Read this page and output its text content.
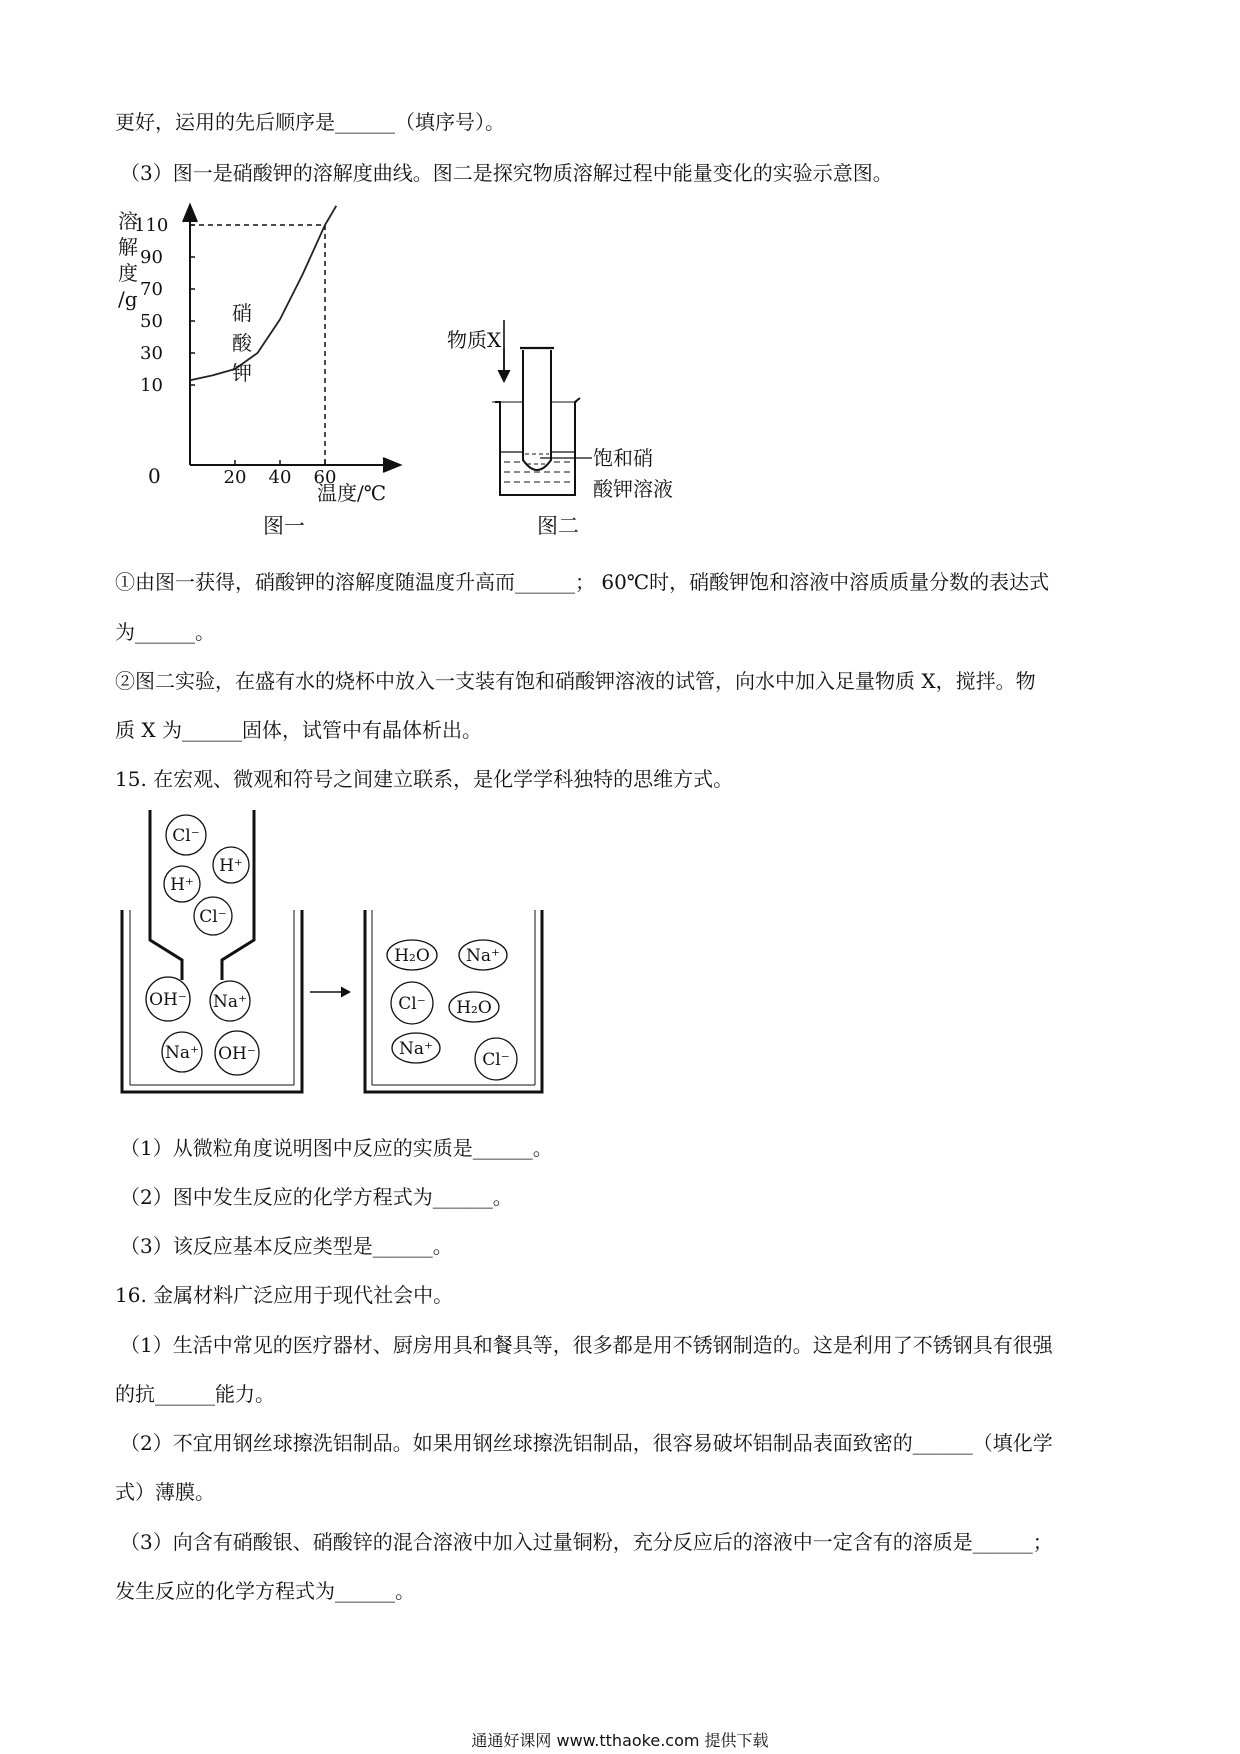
更好，运用的先后顺序是______（填序号）。
（3）图一是硝酸钾的溶解度曲线。图二是探究物质溶解过程中能量变化的实验示意图。
溶
解
度
/g
硝
酸
钾
0
温度/℃
110
90
70
50
30
10
20 40 60
图一
物质X
饱和硝
酸钾溶液
图二
①由图一获得，硝酸钾的溶解度随温度升高而______； 60℃时，硝酸钾饱和溶液中溶质质量分数的表达式
为______。
②图二实验，在盛有水的烧杯中放入一支装有饱和硝酸钾溶液的试管，向水中加入足量物质 X，搅拌。物
质 X 为______固体，试管中有晶体析出。
15. 在宏观、微观和符号之间建立联系，是化学学科独特的思维方式。
Cl⁻
H⁺
H⁺
Cl⁻
OH⁻ Na⁺
Na⁺ OH⁻
H₂O Na⁺
Cl⁻ H₂O
Na⁺
Cl⁻
（1）从微粒角度说明图中反应的实质是______。
（2）图中发生反应的化学方程式为______。
（3）该反应基本反应类型是______。
16. 金属材料广泛应用于现代社会中。
（1）生活中常见的医疗器材、厨房用具和餐具等，很多都是用不锈钢制造的。这是利用了不锈钢具有很强
的抗______能力。
（2）不宜用钢丝球擦洗铝制品。如果用钢丝球擦洗铝制品，很容易破坏铝制品表面致密的______（填化学
式）薄膜。
（3）向含有硝酸银、硝酸锌的混合溶液中加入过量铜粉，充分反应后的溶液中一定含有的溶质是______；
发生反应的化学方程式为______。
通通好课网 www.tthaoke.com 提供下载
